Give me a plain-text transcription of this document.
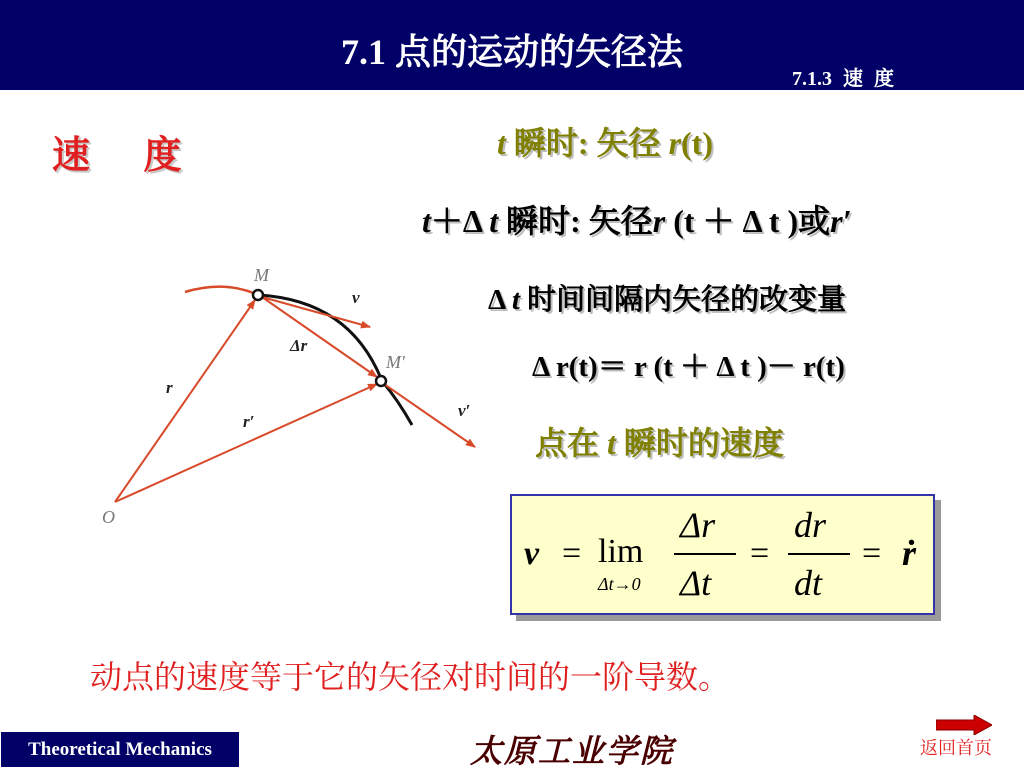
7.1 点的运动的矢径法
7.1.3 速 度
速 度	t 瞬时: 矢径 r(t)
t＋Δ t 瞬时: 矢径r (t ＋ Δ t )或r′
Δ t 时间间隔内矢径的改变量
Δ r(t)＝ r (t ＋ Δ t )－ r(t)
点在 t 瞬时的速度
M
M′
O
v
v′
r
r′
Δr
v = lim
Δt→0
Δr
Δt
=
dr
dt
= ṙ
动点的速度等于它的矢径对时间的一阶导数。
Theoretical Mechanics	太原工业学院	返回首页
